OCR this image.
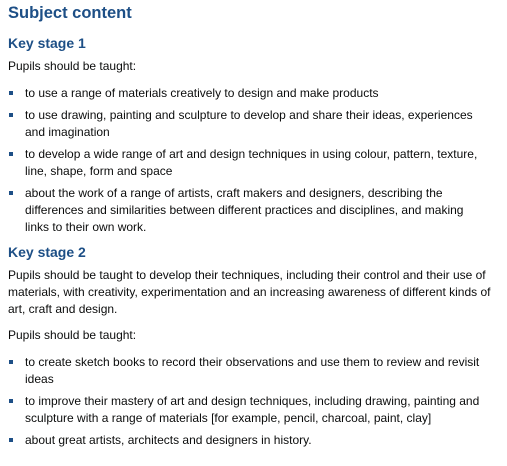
Subject content
Key stage 1

Pupils should be taught:

to use a range of materials creatively to design and make products
to use drawing, painting and sculpture to develop and share their ideas, experiences and imagination
to develop a wide range of art and design techniques in using colour, pattern, texture, line, shape, form and space
about the work of a range of artists, craft makers and designers, describing the differences and similarities between different practices and disciplines, and making links to their own work.
Key stage 2

Pupils should be taught to develop their techniques, including their control and their use of materials, with creativity, experimentation and an increasing awareness of different kinds of art, craft and design.

Pupils should be taught:

to create sketch books to record their observations and use them to review and revisit ideas
to improve their mastery of art and design techniques, including drawing, painting and sculpture with a range of materials [for example, pencil, charcoal, paint, clay]
about great artists, architects and designers in history.
